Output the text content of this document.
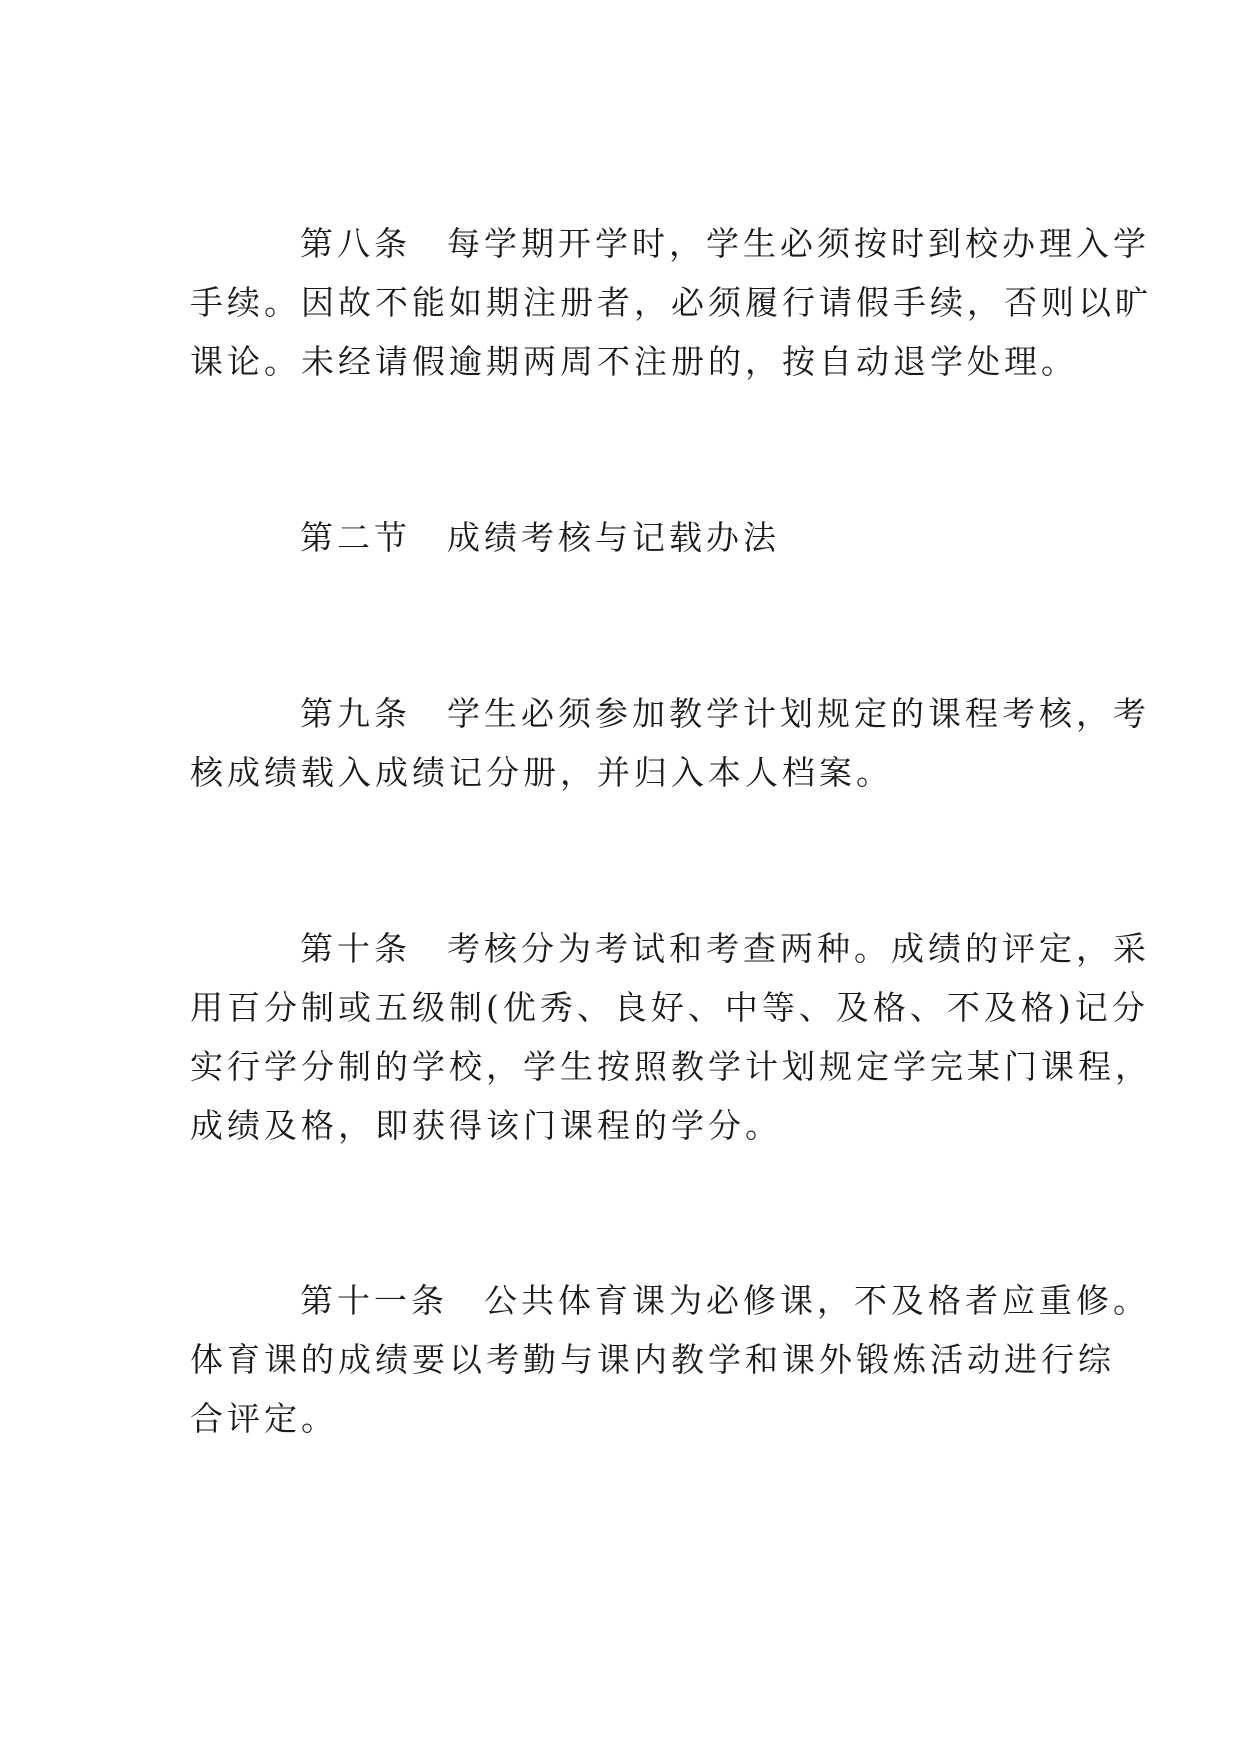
第八条 每学期开学时，学生必须按时到校办理入学
手续。因故不能如期注册者，必须履行请假手续，否则以旷
课论。未经请假逾期两周不注册的，按自动退学处理。
第二节 成绩考核与记载办法
第九条 学生必须参加教学计划规定的课程考核，考
核成绩载入成绩记分册，并归入本人档案。
第十条 考核分为考试和考查两种。成绩的评定，采
用百分制或五级制(优秀、良好、中等、及格、不及格)记分
实行学分制的学校，学生按照教学计划规定学完某门课程，
成绩及格，即获得该门课程的学分。
第十一条 公共体育课为必修课，不及格者应重修。
体育课的成绩要以考勤与课内教学和课外锻炼活动进行综
合评定。
